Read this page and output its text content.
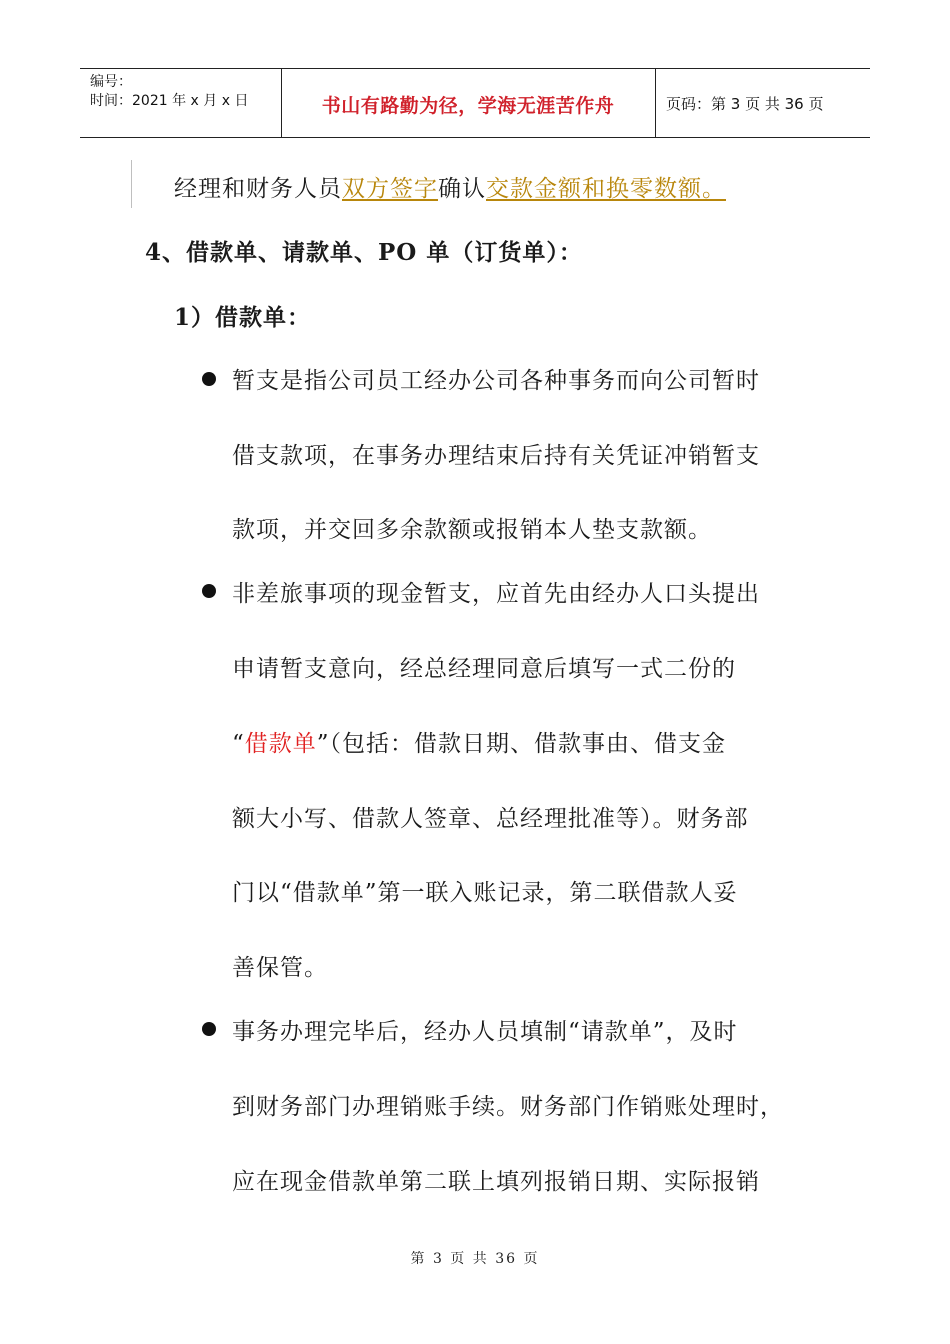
编号：
时间：2021 年 x 月 x 日	书山有路勤为径，学海无涯苦作舟	页码：第 3 页 共 36 页
经理和财务人员双方签字确认交款金额和换零数额。
4、借款单、请款单、PO 单（订货单）：
1）借款单：
暂支是指公司员工经办公司各种事务而向公司暂时
借支款项，在事务办理结束后持有关凭证冲销暂支
款项，并交回多余款额或报销本人垫支款额。
非差旅事项的现金暂支，应首先由经办人口头提出
申请暂支意向，经总经理同意后填写一式二份的
“借款单”（包括：借款日期、借款事由、借支金
额大小写、借款人签章、总经理批准等）。财务部
门以“借款单”第一联入账记录，第二联借款人妥
善保管。
事务办理完毕后，经办人员填制“请款单”，及时
到财务部门办理销账手续。财务部门作销账处理时，
应在现金借款单第二联上填列报销日期、实际报销
第 3 页 共 36 页
